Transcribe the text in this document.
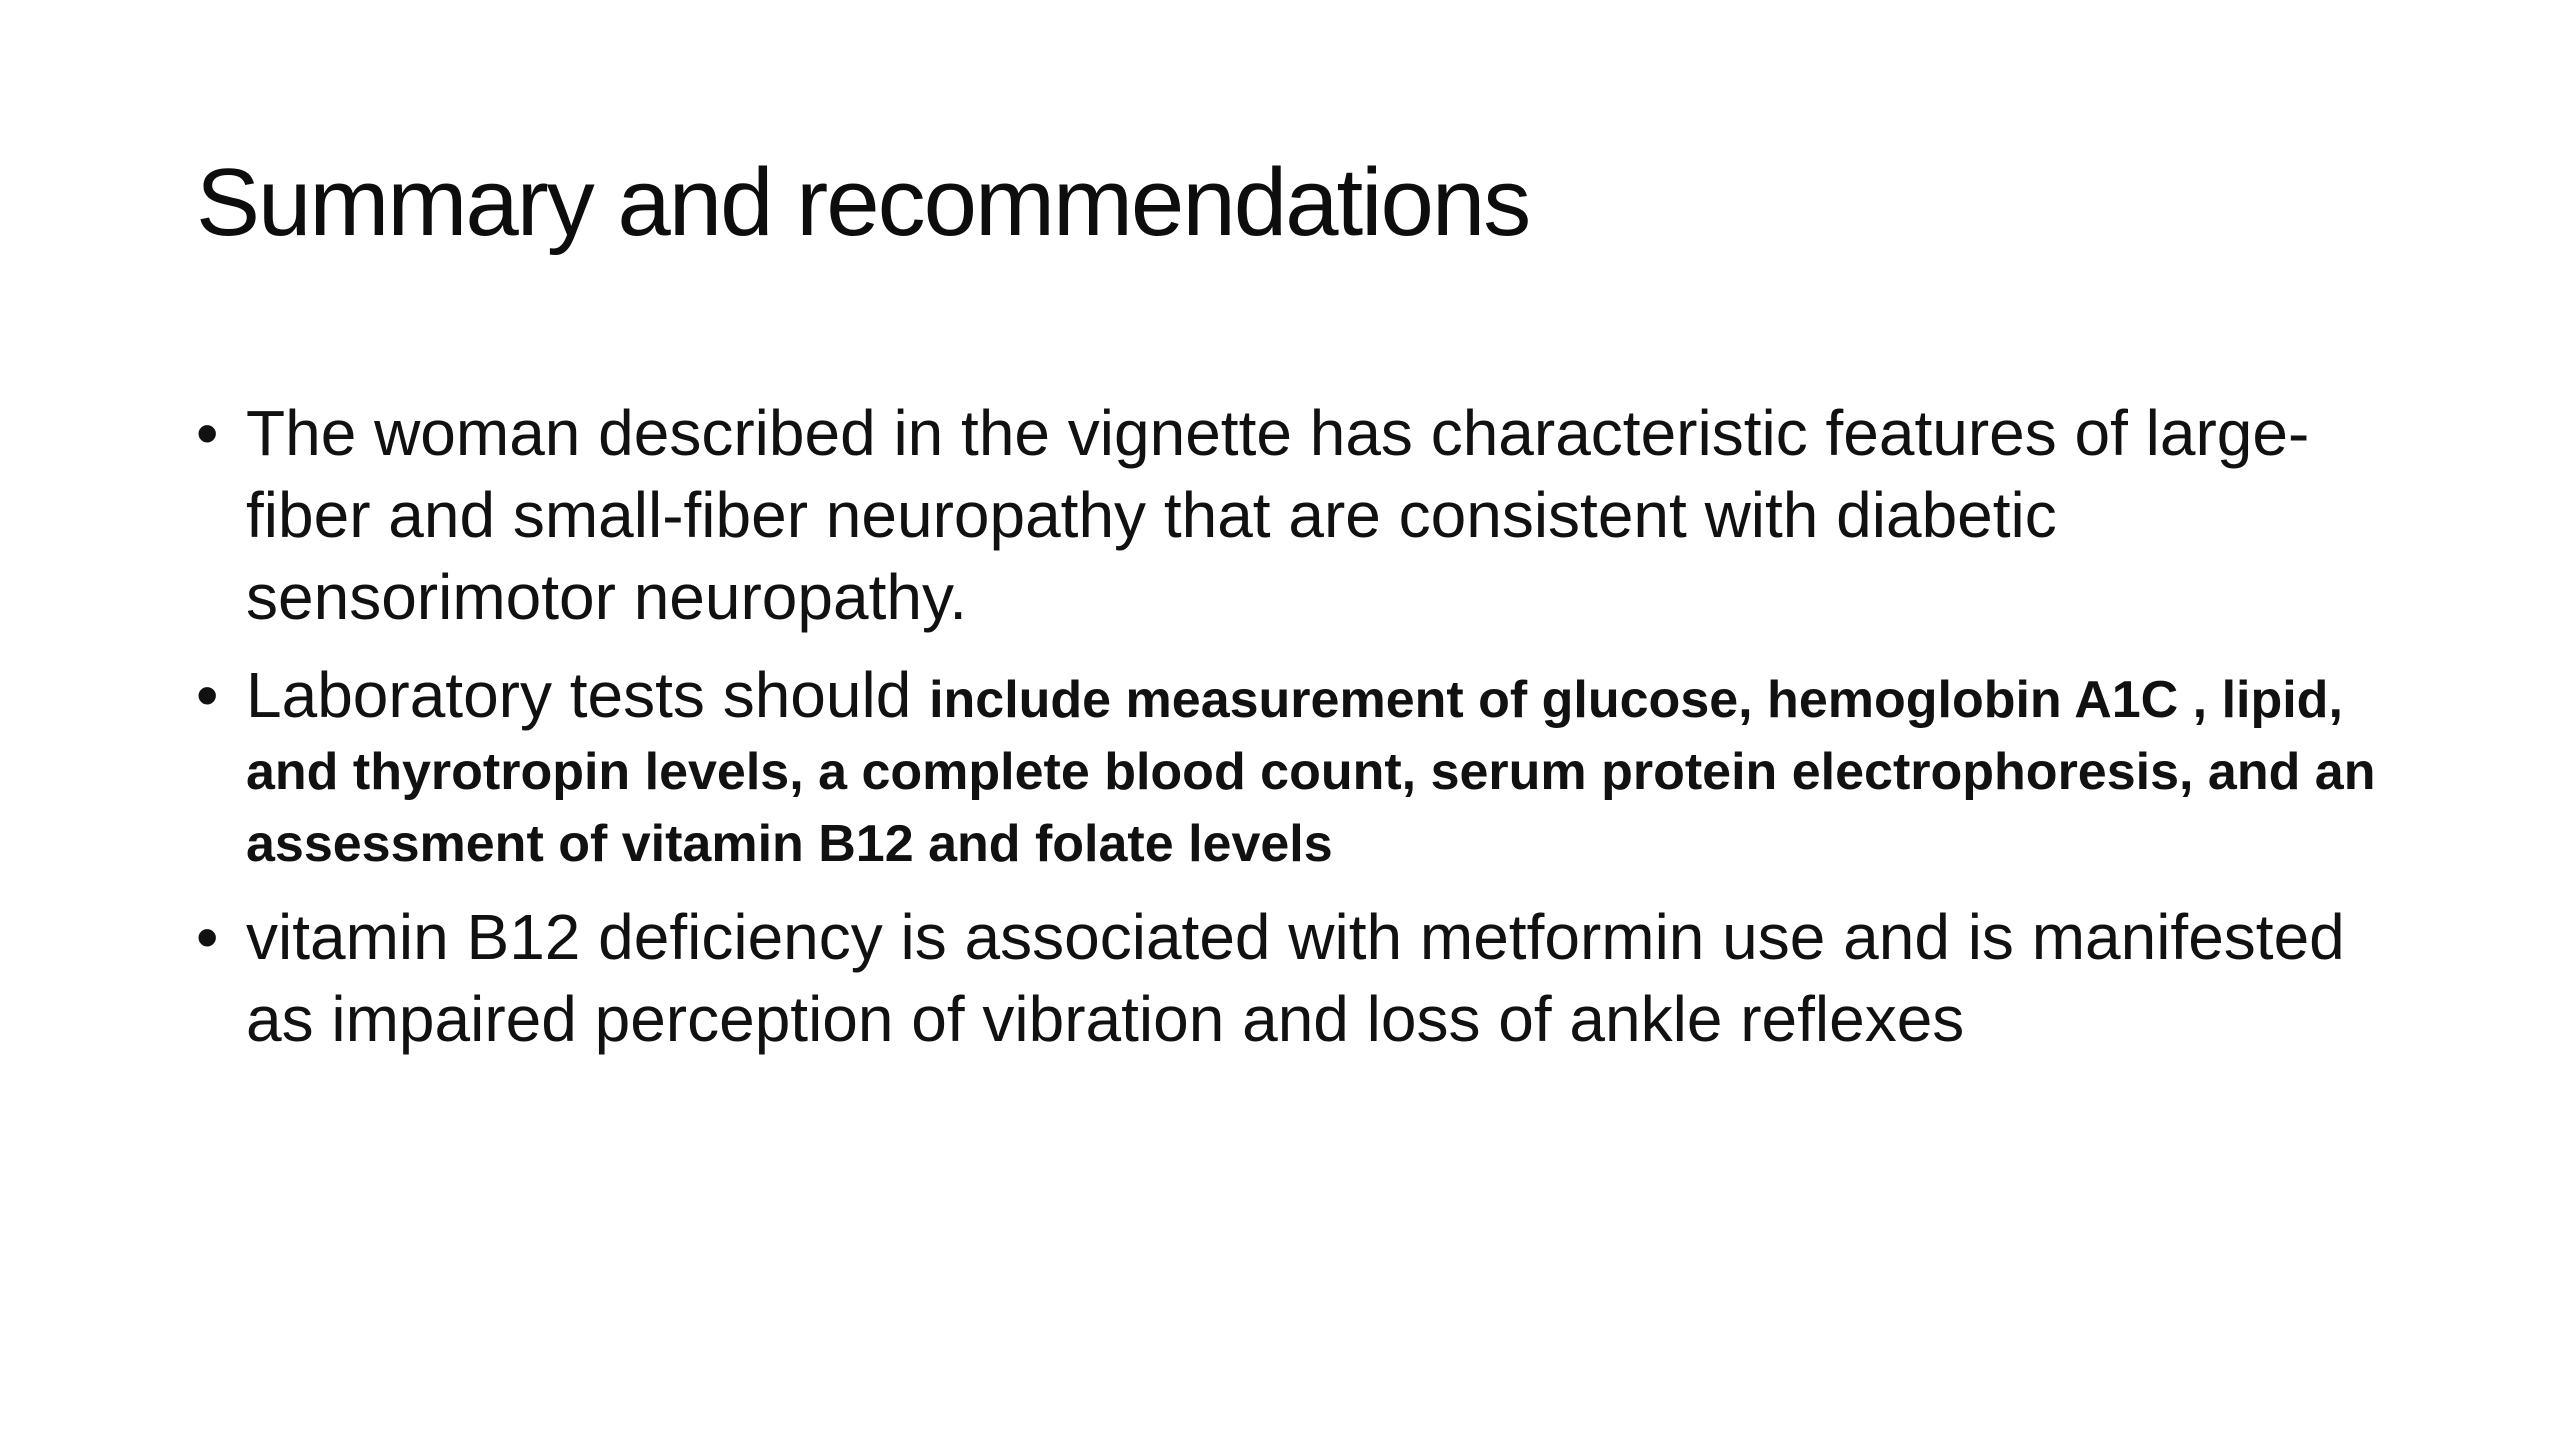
Summary and recommendations
• The woman described in the vignette has characteristic features of large-fiber and small-fiber neuropathy that are consistent with diabetic sensorimotor neuropathy.
• Laboratory tests should include measurement of glucose, hemoglobin A1C , lipid, and thyrotropin levels, a complete blood count, serum protein electrophoresis, and an assessment of vitamin B12 and folate levels
• vitamin B12 deficiency is associated with metformin use and is manifested as impaired perception of vibration and loss of ankle reflexes
